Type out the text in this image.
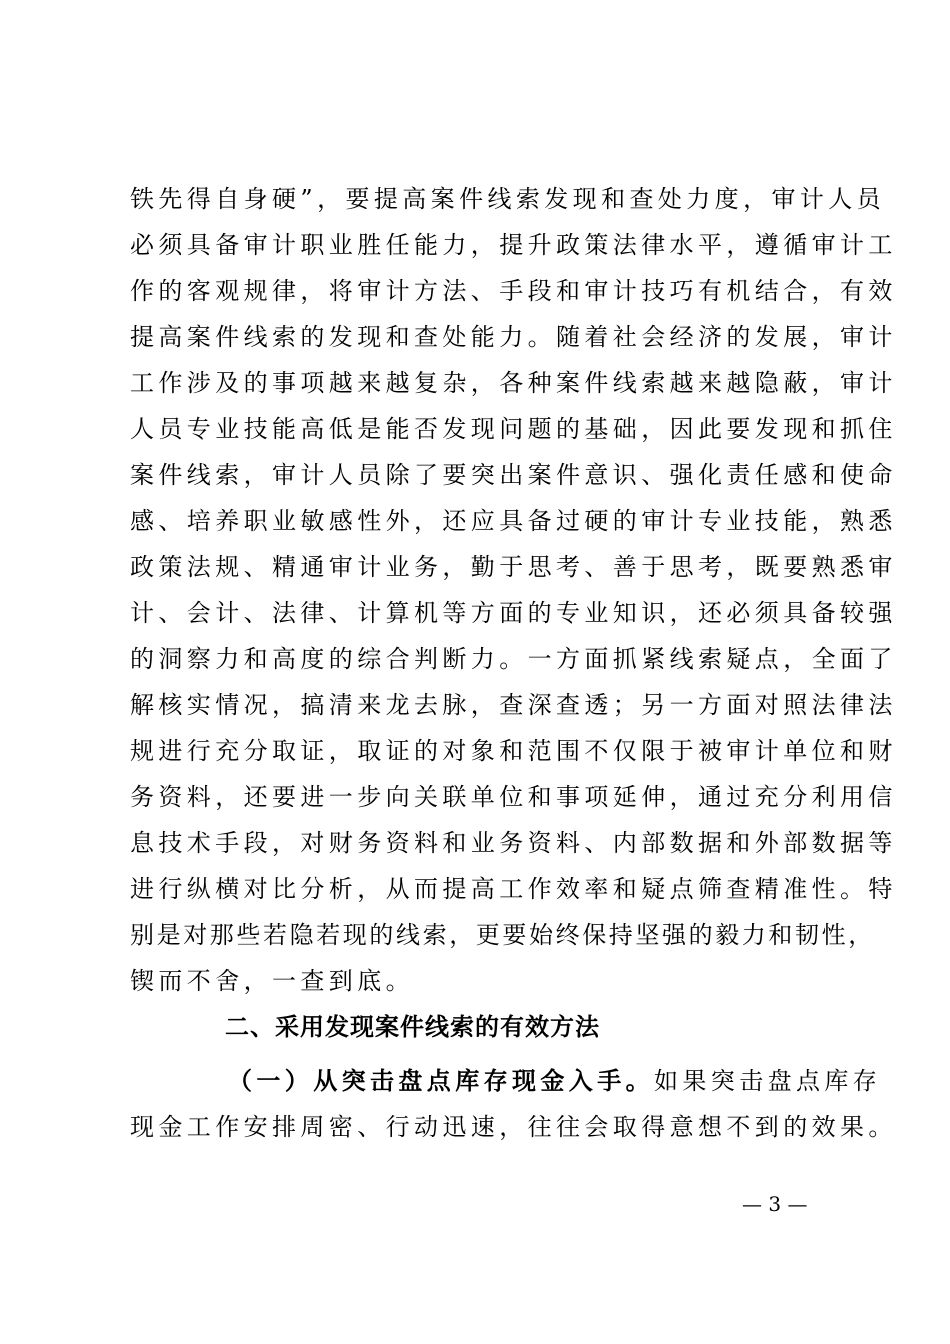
铁先得自身硬”，要提高案件线索发现和查处力度，审计人员
必须具备审计职业胜任能力，提升政策法律水平，遵循审计工
作的客观规律，将审计方法、手段和审计技巧有机结合，有效
提高案件线索的发现和查处能力。随着社会经济的发展，审计
工作涉及的事项越来越复杂，各种案件线索越来越隐蔽，审计
人员专业技能高低是能否发现问题的基础，因此要发现和抓住
案件线索，审计人员除了要突出案件意识、强化责任感和使命
感、培养职业敏感性外，还应具备过硬的审计专业技能，熟悉
政策法规、精通审计业务，勤于思考、善于思考，既要熟悉审
计、会计、法律、计算机等方面的专业知识，还必须具备较强
的洞察力和高度的综合判断力。一方面抓紧线索疑点，全面了
解核实情况，搞清来龙去脉，查深查透；另一方面对照法律法
规进行充分取证，取证的对象和范围不仅限于被审计单位和财
务资料，还要进一步向关联单位和事项延伸，通过充分利用信
息技术手段，对财务资料和业务资料、内部数据和外部数据等
进行纵横对比分析，从而提高工作效率和疑点筛查精准性。特
别是对那些若隐若现的线索，更要始终保持坚强的毅力和韧性，
锲而不舍，一查到底。
二、采用发现案件线索的有效方法
（一）从突击盘点库存现金入手。如果突击盘点库存
现金工作安排周密、行动迅速，往往会取得意想不到的效果。
— 3 —
